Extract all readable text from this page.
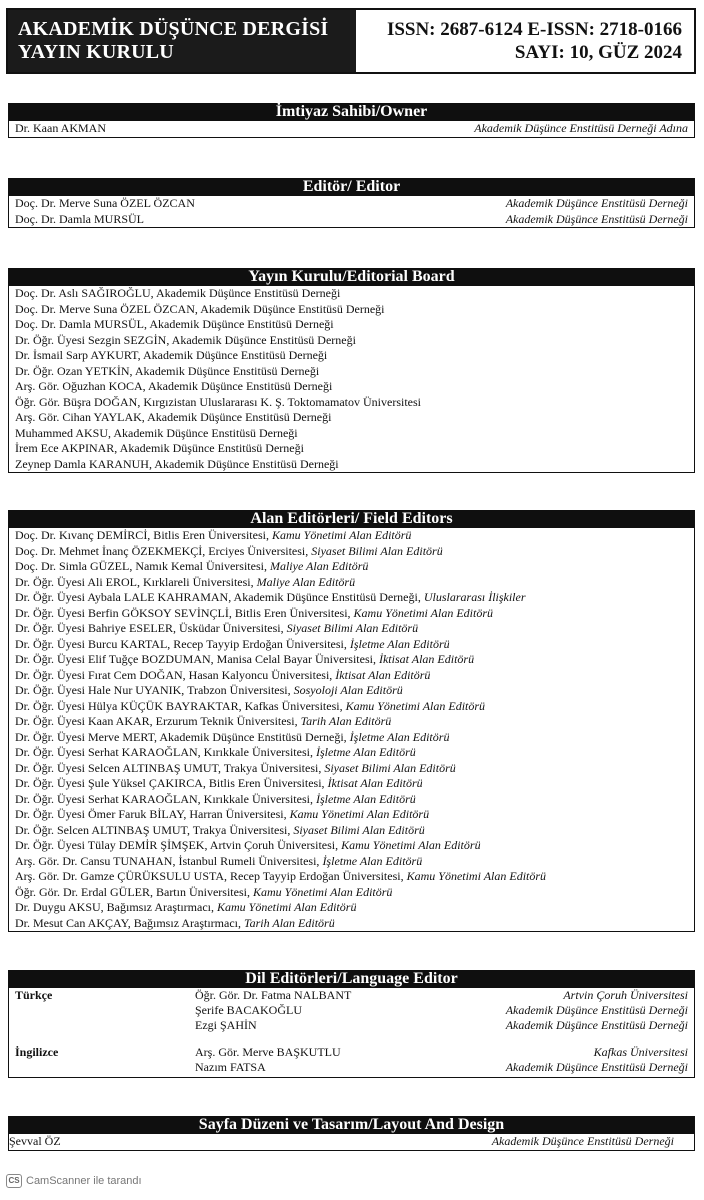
AKADEMİK DÜŞÜNCE DERGİSİ
YAYIN KURULU
ISSN: 2687-6124 E-ISSN: 2718-0166
SAYI: 10, GÜZ 2024
İmtiyaz Sahibi/Owner
Dr. Kaan AKMAN	Akademik Düşünce Enstitüsü Derneği Adına
Editör/ Editor
Doç. Dr. Merve Suna ÖZEL ÖZCAN	Akademik Düşünce Enstitüsü Derneği
Doç. Dr. Damla MURSÜL	Akademik Düşünce Enstitüsü Derneği
Yayın Kurulu/Editorial Board
Doç. Dr. Aslı SAĞIROĞLU, Akademik Düşünce Enstitüsü Derneği
Doç. Dr. Merve Suna ÖZEL ÖZCAN, Akademik Düşünce Enstitüsü Derneği
Doç. Dr. Damla MURSÜL, Akademik Düşünce Enstitüsü Derneği
Dr. Öğr. Üyesi Sezgin SEZGİN, Akademik Düşünce Enstitüsü Derneği
Dr. İsmail Sarp AYKURT, Akademik Düşünce Enstitüsü Derneği
Dr. Öğr. Ozan YETKİN, Akademik Düşünce Enstitüsü Derneği
Arş. Gör. Oğuzhan KOCA, Akademik Düşünce Enstitüsü Derneği
Öğr. Gör. Büşra DOĞAN, Kırgızistan Uluslararası K. Ş. Toktomamatov Üniversitesi
Arş. Gör. Cihan YAYLAK, Akademik Düşünce Enstitüsü Derneği
Muhammed AKSU, Akademik Düşünce Enstitüsü Derneği
İrem Ece AKPINAR, Akademik Düşünce Enstitüsü Derneği
Zeynep Damla KARANUH, Akademik Düşünce Enstitüsü Derneği
Alan Editörleri/ Field Editors
Doç. Dr. Kıvanç DEMİRCİ, Bitlis Eren Üniversitesi, Kamu Yönetimi Alan Editörü
Doç. Dr. Mehmet İnanç ÖZEKMEKÇİ, Erciyes Üniversitesi, Siyaset Bilimi Alan Editörü
Doç. Dr. Simla GÜZEL, Namık Kemal Üniversitesi, Maliye Alan Editörü
Dr. Öğr. Üyesi Ali EROL, Kırklareli Üniversitesi, Maliye Alan Editörü
Dr. Öğr. Üyesi Aybala LALE KAHRAMAN, Akademik Düşünce Enstitüsü Derneği, Uluslararası İlişkiler
Dr. Öğr. Üyesi Berfin GÖKSOY SEVİNÇLİ, Bitlis Eren Üniversitesi, Kamu Yönetimi Alan Editörü
Dr. Öğr. Üyesi Bahriye ESELER, Üsküdar Üniversitesi, Siyaset Bilimi Alan Editörü
Dr. Öğr. Üyesi Burcu KARTAL, Recep Tayyip Erdoğan Üniversitesi, İşletme Alan Editörü
Dr. Öğr. Üyesi Elif Tuğçe BOZDUMAN, Manisa Celal Bayar Üniversitesi, İktisat Alan Editörü
Dr. Öğr. Üyesi Fırat Cem DOĞAN, Hasan Kalyoncu Üniversitesi, İktisat Alan Editörü
Dr. Öğr. Üyesi Hale Nur UYANIK, Trabzon Üniversitesi, Sosyoloji Alan Editörü
Dr. Öğr. Üyesi Hülya KÜÇÜK BAYRAKTAR, Kafkas Üniversitesi, Kamu Yönetimi Alan Editörü
Dr. Öğr. Üyesi Kaan AKAR, Erzurum Teknik Üniversitesi, Tarih Alan Editörü
Dr. Öğr. Üyesi Merve MERT, Akademik Düşünce Enstitüsü Derneği, İşletme Alan Editörü
Dr. Öğr. Üyesi Serhat KARAOĞLAN, Kırıkkale Üniversitesi, İşletme Alan Editörü
Dr. Öğr. Üyesi Selcen ALTINBAŞ UMUT, Trakya Üniversitesi, Siyaset Bilimi Alan Editörü
Dr. Öğr. Üyesi Şule Yüksel ÇAKIRCA, Bitlis Eren Üniversitesi, İktisat Alan Editörü
Dr. Öğr. Üyesi Serhat KARAOĞLAN, Kırıkkale Üniversitesi, İşletme Alan Editörü
Dr. Öğr. Üyesi Ömer Faruk BİLAY, Harran Üniversitesi, Kamu Yönetimi Alan Editörü
Dr. Öğr. Selcen ALTINBAŞ UMUT, Trakya Üniversitesi, Siyaset Bilimi Alan Editörü
Dr. Öğr. Üyesi Tülay DEMİR ŞİMŞEK, Artvin Çoruh Üniversitesi, Kamu Yönetimi Alan Editörü
Arş. Gör. Dr. Cansu TUNAHAN, İstanbul Rumeli Üniversitesi, İşletme Alan Editörü
Arş. Gör. Dr. Gamze ÇÜRÜKSULU USTA, Recep Tayyip Erdoğan Üniversitesi, Kamu Yönetimi Alan Editörü
Öğr. Gör. Dr. Erdal GÜLER, Bartın Üniversitesi, Kamu Yönetimi Alan Editörü
Dr. Duygu AKSU, Bağımsız Araştırmacı, Kamu Yönetimi Alan Editörü
Dr. Mesut Can AKÇAY, Bağımsız Araştırmacı, Tarih Alan Editörü
Dil Editörleri/Language Editor
Türkçe	Öğr. Gör. Dr. Fatma NALBANT	Artvin Çoruh Üniversitesi
Şerife BACAKOĞLU	Akademik Düşünce Enstitüsü Derneği
Ezgi ŞAHİN	Akademik Düşünce Enstitüsü Derneği
İngilizce	Arş. Gör. Merve BAŞKUTLU	Kafkas Üniversitesi
Nazım FATSA	Akademik Düşünce Enstitüsü Derneği
Sayfa Düzeni ve Tasarım/Layout And Design
Şevval ÖZ	Akademik Düşünce Enstitüsü Derneği
CS CamScanner ile tarandı
